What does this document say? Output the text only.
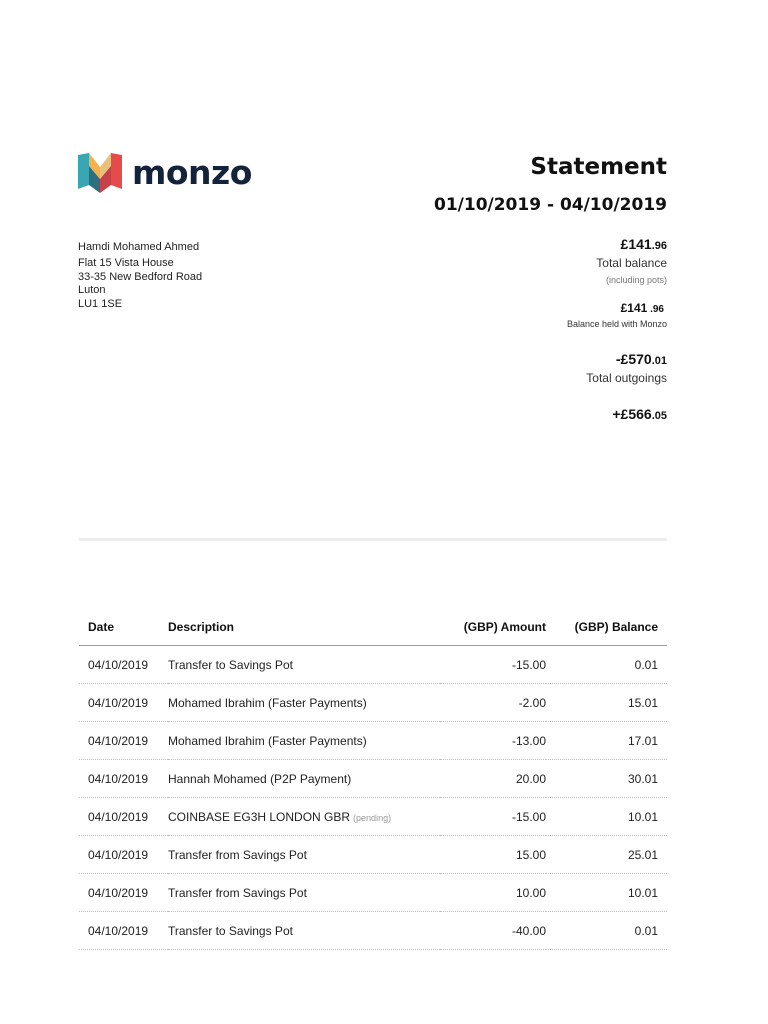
monzo	Statement
01/10/2019 - 04/10/2019
Hamdi Mohamed Ahmed
Flat 15 Vista House
33-35 New Bedford Road
Luton
LU1 1SE
£141.96
Total balance
(including pots)
£141 .96
Balance held with Monzo
-£570.01
Total outgoings
+£566.05
Date	Description	(GBP) Amount	(GBP) Balance
04/10/2019	Transfer to Savings Pot	-15.00	0.01
04/10/2019	Mohamed Ibrahim (Faster Payments)	-2.00	15.01
04/10/2019	Mohamed Ibrahim (Faster Payments)	-13.00	17.01
04/10/2019	Hannah Mohamed (P2P Payment)	20.00	30.01
04/10/2019	COINBASE EG3H LONDON GBR (pending)	-15.00	10.01
04/10/2019	Transfer from Savings Pot	15.00	25.01
04/10/2019	Transfer from Savings Pot	10.00	10.01
04/10/2019	Transfer to Savings Pot	-40.00	0.01
